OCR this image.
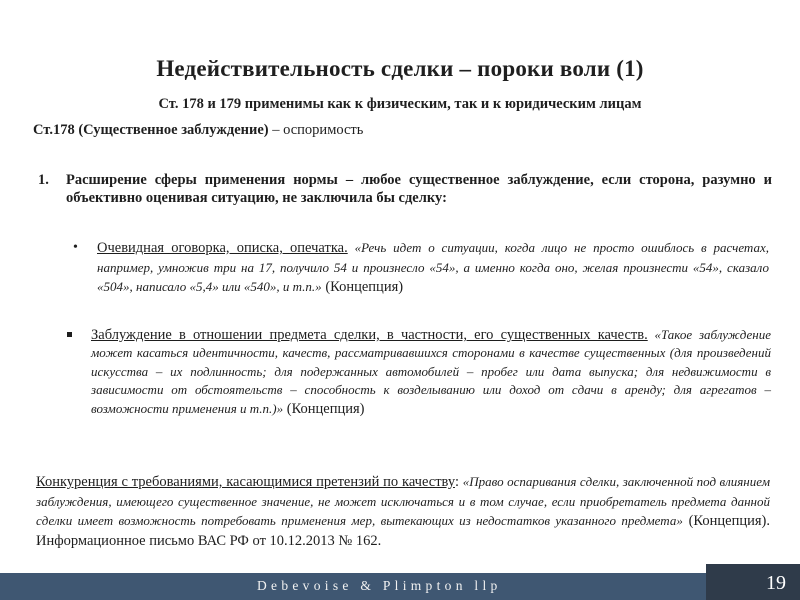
Недействительность сделки – пороки воли (1)
Ст. 178 и 179 применимы как к физическим, так и к юридическим лицам
Ст.178 (Существенное заблуждение) – оспоримость
1. Расширение сферы применения нормы – любое существенное заблуждение, если сторона, разумно и объективно оценивая ситуацию, не заключила бы сделку:
• Очевидная оговорка, описка, опечатка. «Речь идет о ситуации, когда лицо не просто ошиблось в расчетах, например, умножив три на 17, получило 54 и произнесло «54», а именно когда оно, желая произнести «54», сказало «504», написало «5,4» или «540», и т.п.» (Концепция)
Заблуждение в отношении предмета сделки, в частности, его существенных качеств. «Такое заблуждение может касаться идентичности, качеств, рассматривавшихся сторонами в качестве существенных (для произведений искусства – их подлинность; для подержанных автомобилей – пробег или дата выпуска; для недвижимости в зависимости от обстоятельств – способность к возделыванию или доход от сдачи в аренду; для агрегатов – возможности применения и т.п.)» (Концепция)
Конкуренция с требованиями, касающимися претензий по качеству: «Право оспаривания сделки, заключенной под влиянием заблуждения, имеющего существенное значение, не может исключаться и в том случае, если приобретатель предмета данной сделки имеет возможность потребовать применения мер, вытекающих из недостатков указанного предмета» (Концепция). Информационное письмо ВАС РФ от 10.12.2013 № 162.
Debevoise & Plimpton llp	19
